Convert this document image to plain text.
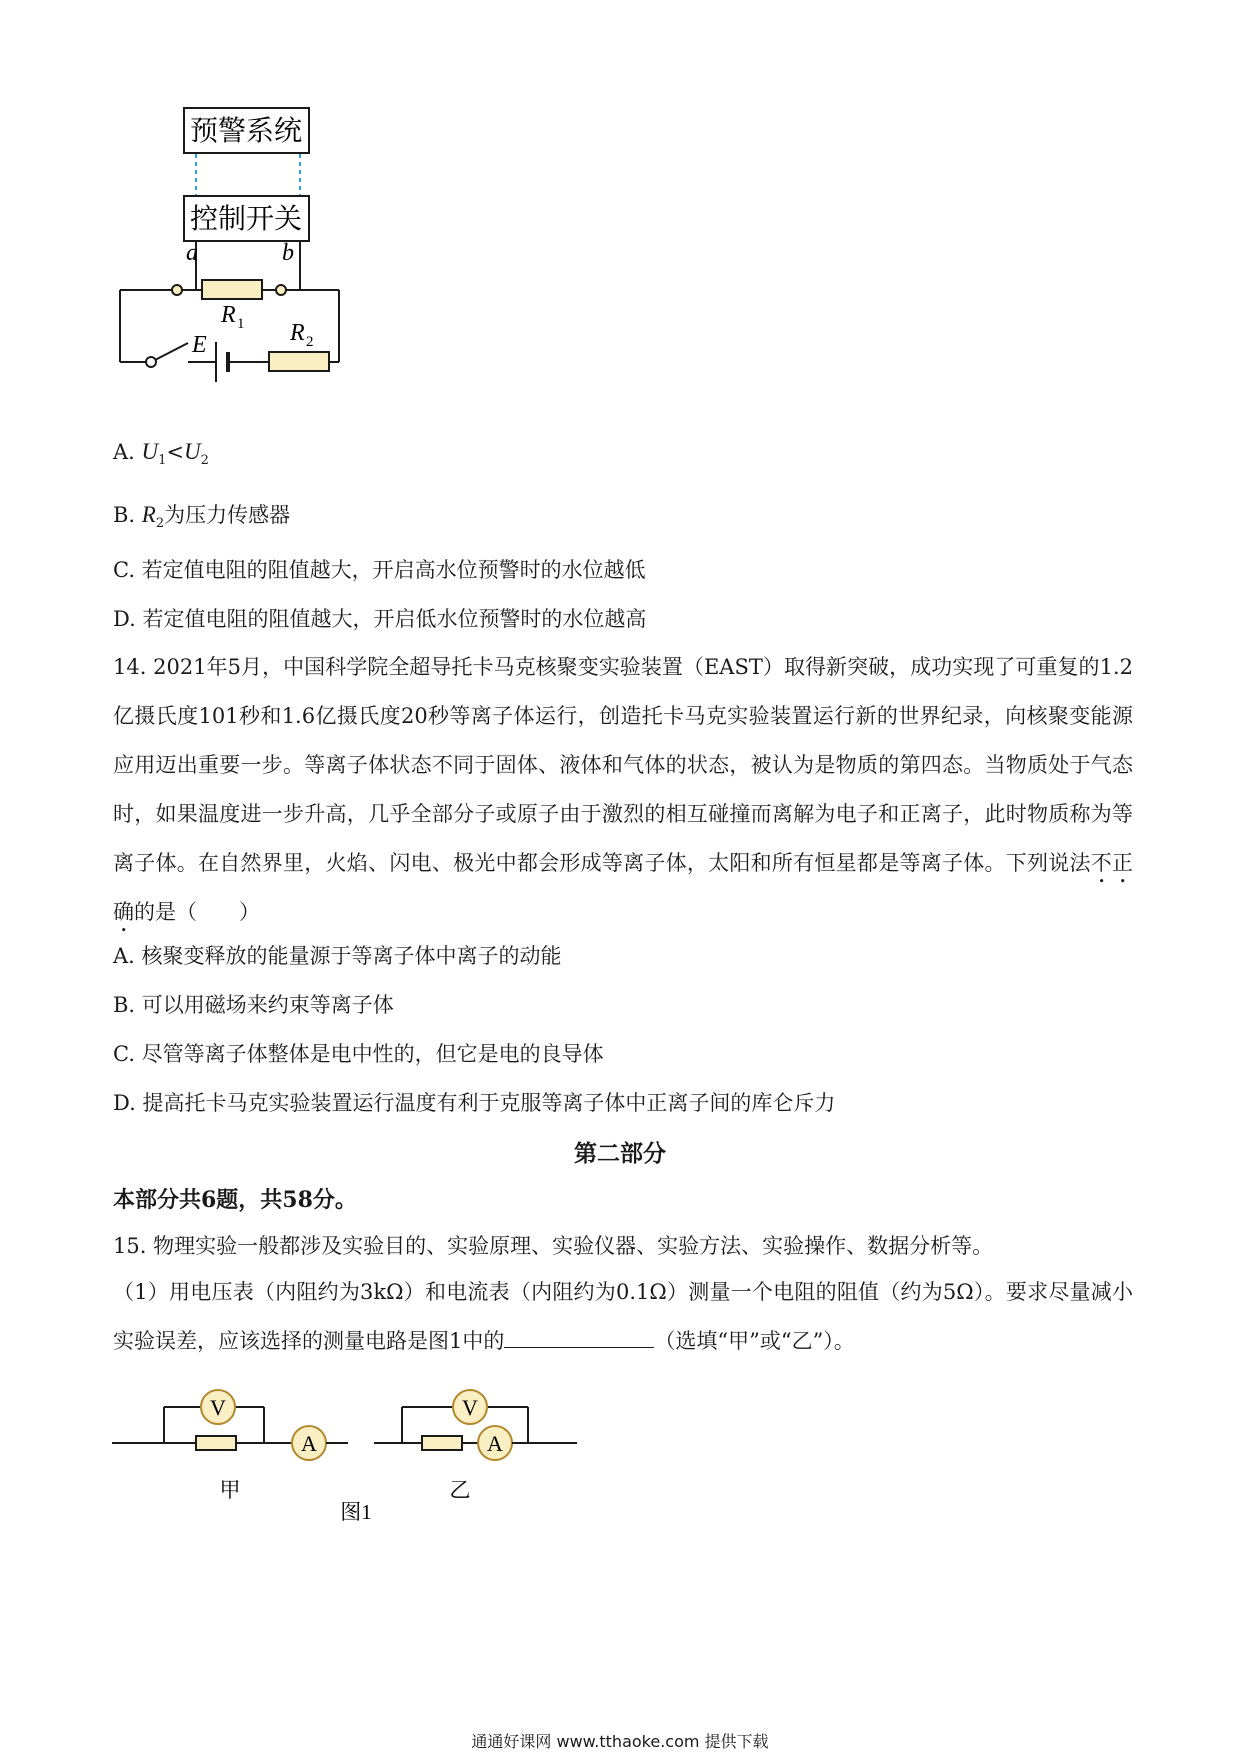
预警系统
控制开关
a	b
R 1
E	R 2
A. $U_1<U_2$
B. $R_2$为压力传感器
C. 若定值电阻的阻值越大，开启高水位预警时的水位越低
D. 若定值电阻的阻值越大，开启低水位预警时的水位越高
14. 2021年5月，中国科学院全超导托卡马克核聚变实验装置（EAST）取得新突破，成功实现了可重复的1.2亿摄氏度101秒和1.6亿摄氏度20秒等离子体运行，创造托卡马克实验装置运行新的世界纪录，向核聚变能源应用迈出重要一步。等离子体状态不同于固体、液体和气体的状态，被认为是物质的第四态。当物质处于气态时，如果温度进一步升高，几乎全部分子或原子由于激烈的相互碰撞而离解为电子和正离子，此时物质称为等离子体。在自然界里，火焰、闪电、极光中都会形成等离子体，太阳和所有恒星都是等离子体。下列说法不正确的是（　　）
A. 核聚变释放的能量源于等离子体中离子的动能
B. 可以用磁场来约束等离子体
C. 尽管等离子体整体是电中性的，但它是电的良导体
D. 提高托卡马克实验装置运行温度有利于克服等离子体中正离子间的库仑斥力
第二部分
本部分共6题，共58分。
15. 物理实验一般都涉及实验目的、实验原理、实验仪器、实验方法、实验操作、数据分析等。
（1）用电压表（内阻约为3kΩ）和电流表（内阻约为0.1Ω）测量一个电阻的阻值（约为5Ω）。要求尽量减小实验误差，应该选择的测量电路是图1中的	（选填“甲”或“乙”）。
V
A
甲
A
V
乙
图1
通通好课网 www.tthaoke.com 提供下载
